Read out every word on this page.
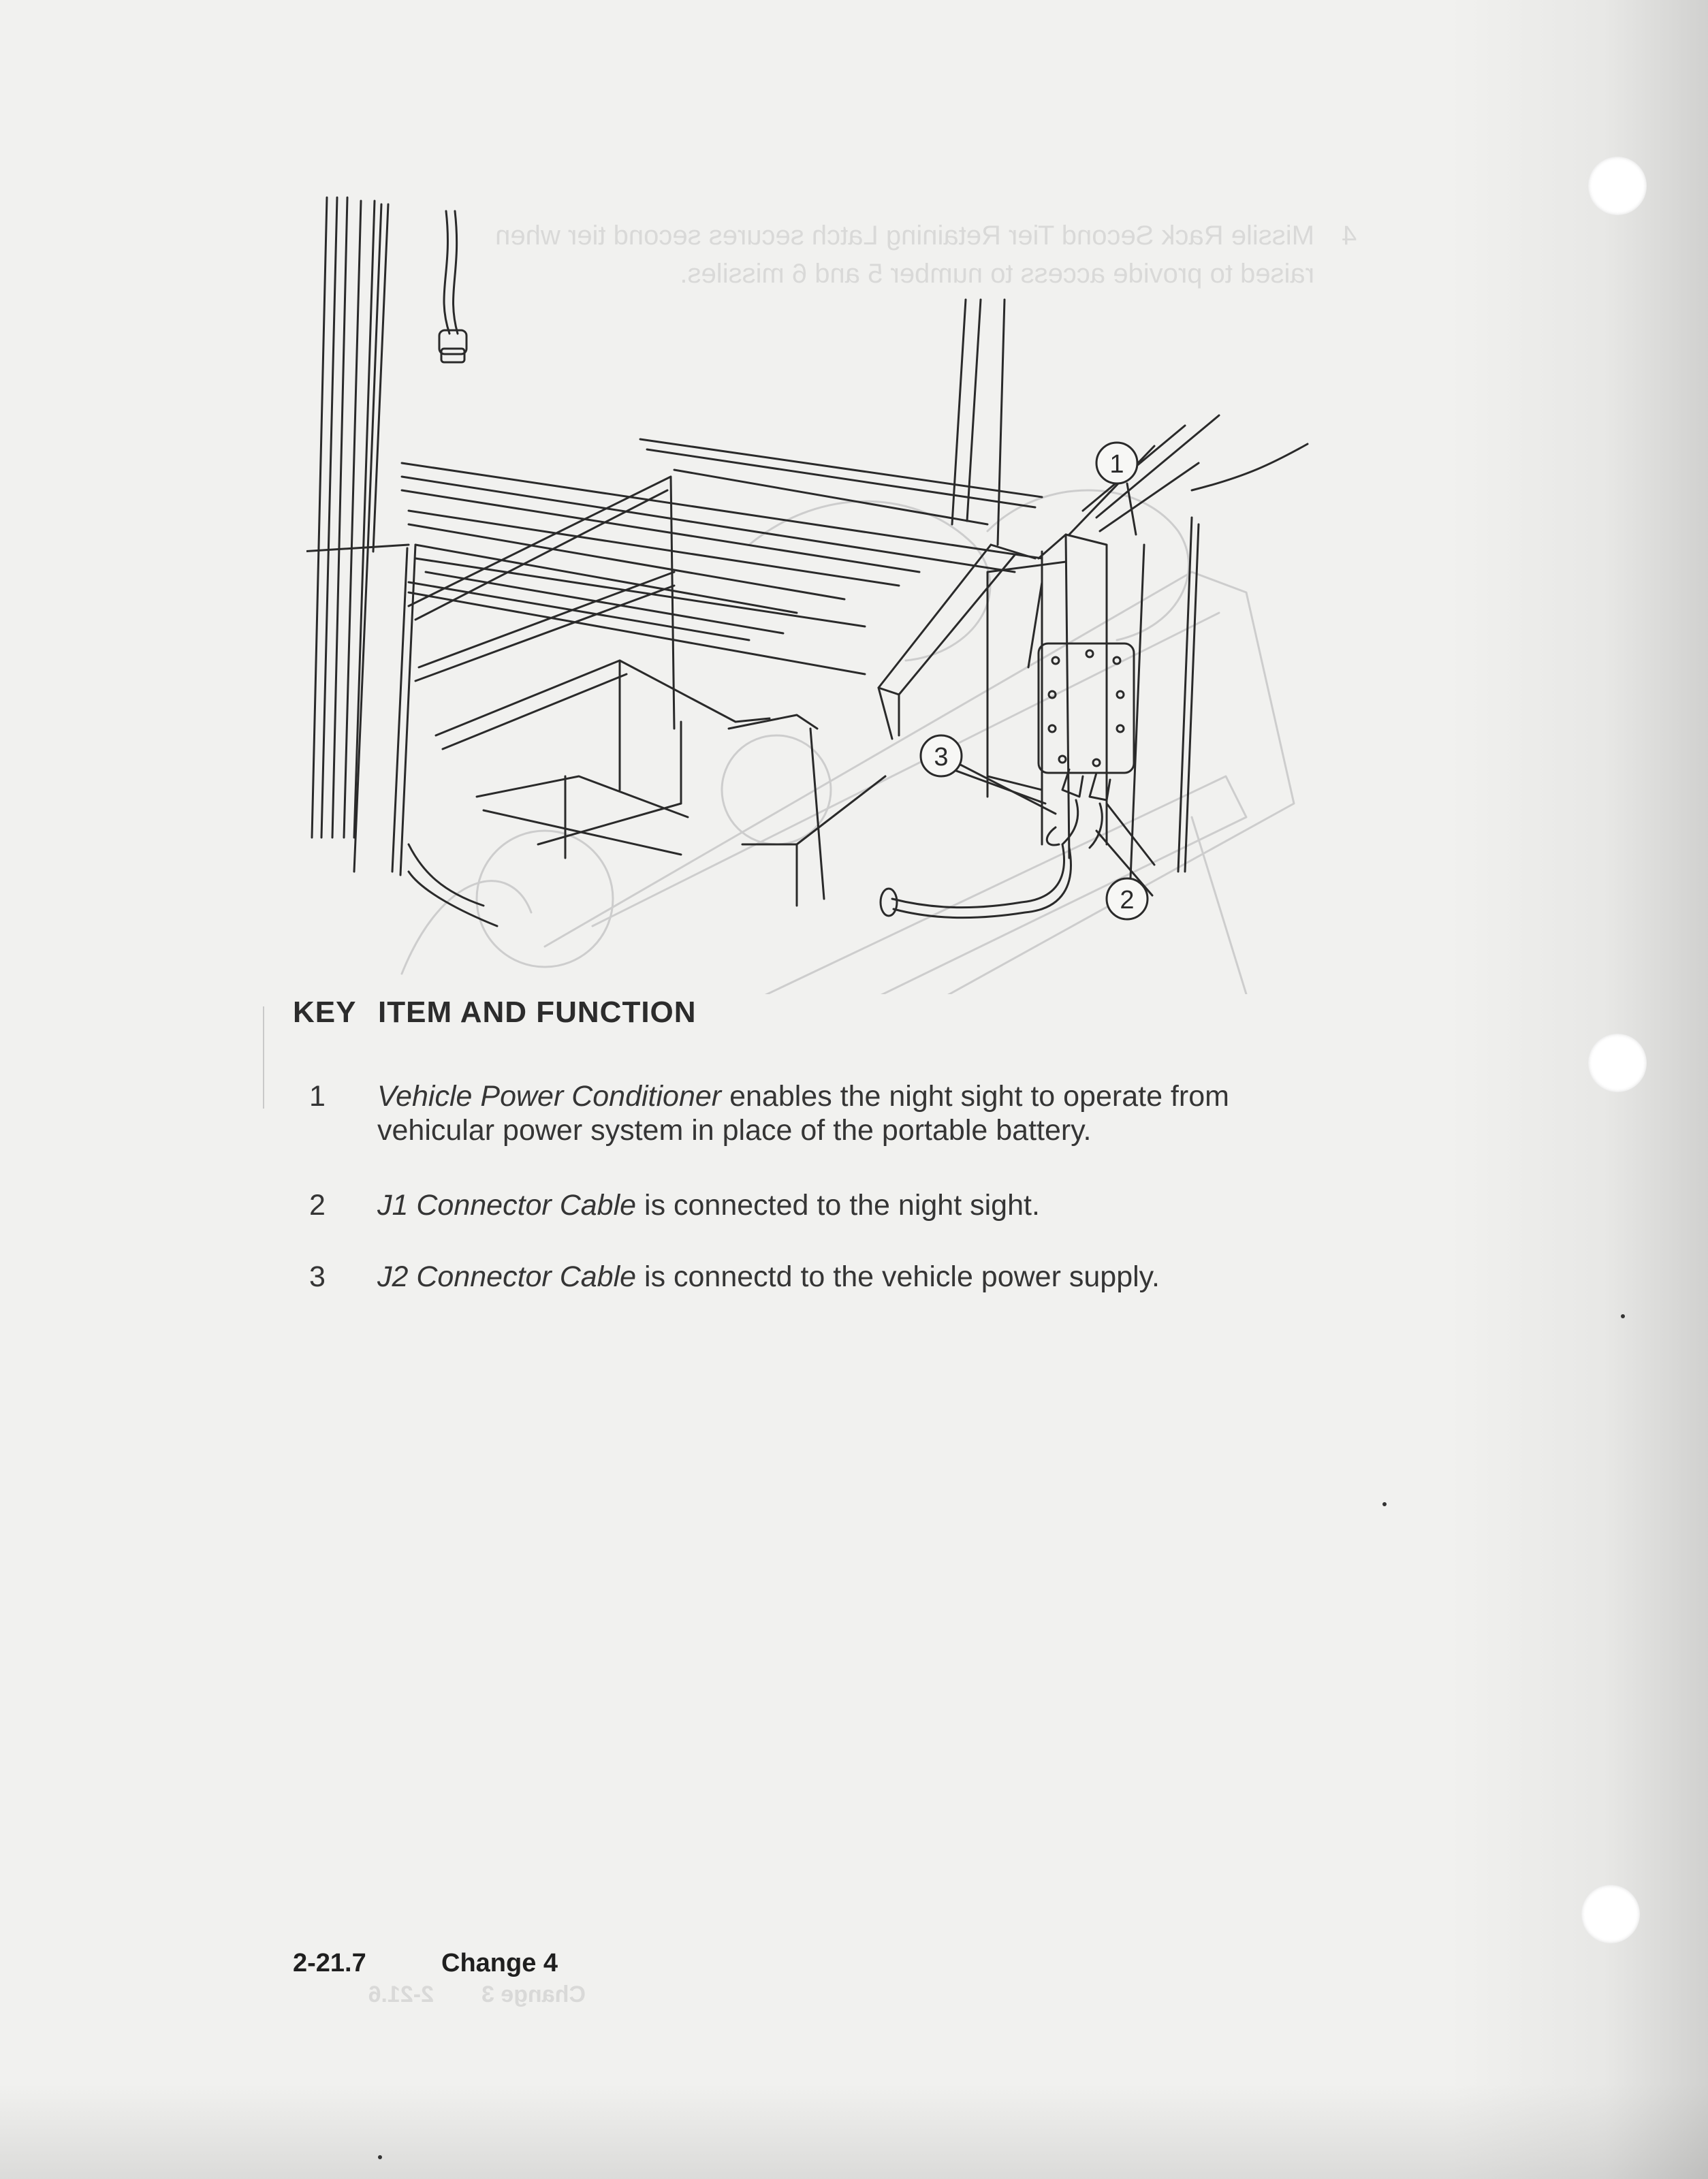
4
Missile Rack Second Tier Retaining Latch secures second tier when
raised to provide access to number 5 and 6 missiles.
Change 3
2-21.6
1
2
3
KEY ITEM AND FUNCTION
1 Vehicle Power Conditioner enables the night sight to operate from
vehicular power system in place of the portable battery.
2 J1 Connector Cable is connected to the night sight.
3 J2 Connector Cable is connectd to the vehicle power supply.
2-21.7	Change 4
